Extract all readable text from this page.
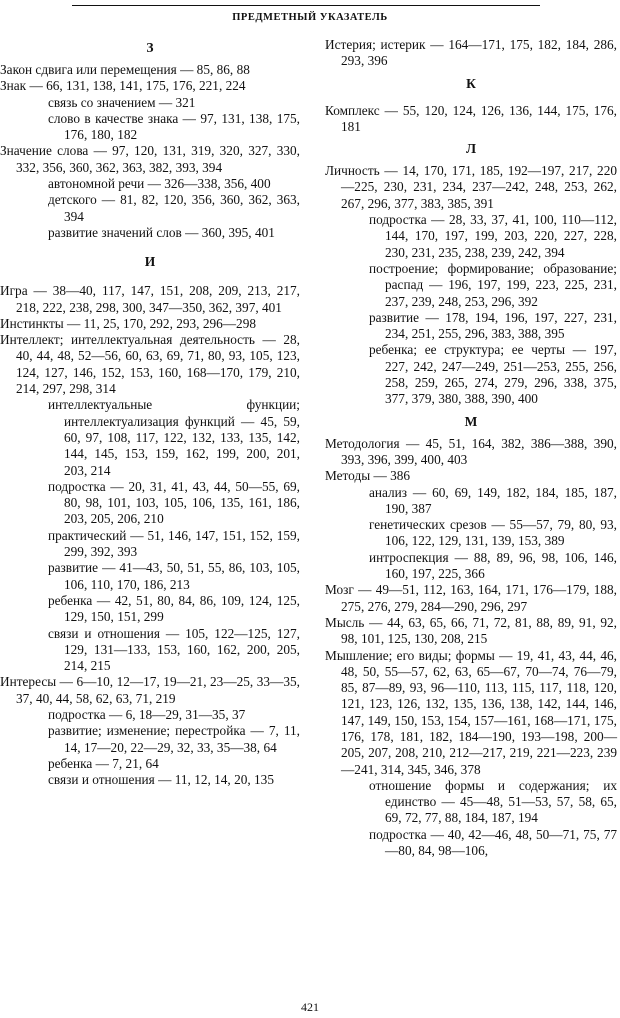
ПРЕДМЕТНЫЙ УКАЗАТЕЛЬ

З

Закон сдвига или перемещения — 85, 86, 88

Знак — 66, 131, 138, 141, 175, 176, 221, 224

связь со значением — 321

слово в качестве знака — 97, 131, 138, 175, 176, 180, 182

Значение слова — 97, 120, 131, 319, 320, 327, 330, 332, 356, 360, 362, 363, 382, 393, 394

автономной речи — 326—338, 356, 400

детского — 81, 82, 120, 356, 360, 362, 363, 394

развитие значений слов — 360, 395, 401

И

Игра — 38—40, 117, 147, 151, 208, 209, 213, 217, 218, 222, 238, 298, 300, 347—350, 362, 397, 401

Инстинкты — 11, 25, 170, 292, 293, 296—298

Интеллект; интеллектуальная деятельность — 28, 40, 44, 48, 52—56, 60, 63, 69, 71, 80, 93, 105, 123, 124, 127, 146, 152, 153, 160, 168—170, 179, 210, 214, 297, 298, 314

интеллектуальные функции; интеллектуализация функций — 45, 59, 60, 97, 108, 117, 122, 132, 133, 135, 142, 144, 145, 153, 159, 162, 199, 200, 201, 203, 214

подростка — 20, 31, 41, 43, 44, 50—55, 69, 80, 98, 101, 103, 105, 106, 135, 161, 186, 203, 205, 206, 210

практический — 51, 146, 147, 151, 152, 159, 299, 392, 393

развитие — 41—43, 50, 51, 55, 86, 103, 105, 106, 110, 170, 186, 213

ребенка — 42, 51, 80, 84, 86, 109, 124, 125, 129, 150, 151, 299

связи и отношения — 105, 122—125, 127, 129, 131—133, 153, 160, 162, 200, 205, 214, 215

Интересы — 6—10, 12—17, 19—21, 23—25, 33—35, 37, 40, 44, 58, 62, 63, 71, 219

подростка — 6, 18—29, 31—35, 37

развитие; изменение; перестройка — 7, 11, 14, 17—20, 22—29, 32, 33, 35—38, 64

ребенка — 7, 21, 64

связи и отношения — 11, 12, 14, 20, 135

Истерия; истерик — 164—171, 175, 182, 184, 286, 293, 396

К

Комплекс — 55, 120, 124, 126, 136, 144, 175, 176, 181

Л

Личность — 14, 170, 171, 185, 192—197, 217, 220—225, 230, 231, 234, 237—242, 248, 253, 262, 267, 296, 377, 383, 385, 391

подростка — 28, 33, 37, 41, 100, 110—112, 144, 170, 197, 199, 203, 220, 227, 228, 230, 231, 235, 238, 239, 242, 394

построение; формирование; образование; распад — 196, 197, 199, 223, 225, 231, 237, 239, 248, 253, 296, 392

развитие — 178, 194, 196, 197, 227, 231, 234, 251, 255, 296, 383, 388, 395

ребенка; ее структура; ее черты — 197, 227, 242, 247—249, 251—253, 255, 256, 258, 259, 265, 274, 279, 296, 338, 375, 377, 379, 380, 388, 390, 400

М

Методология — 45, 51, 164, 382, 386—388, 390, 393, 396, 399, 400, 403

Методы — 386

анализ — 60, 69, 149, 182, 184, 185, 187, 190, 387

генетических срезов — 55—57, 79, 80, 93, 106, 122, 129, 131, 139, 153, 389

интроспекция — 88, 89, 96, 98, 106, 146, 160, 197, 225, 366

Мозг — 49—51, 112, 163, 164, 171, 176—179, 188, 275, 276, 279, 284—290, 296, 297

Мысль — 44, 63, 65, 66, 71, 72, 81, 88, 89, 91, 92, 98, 101, 125, 130, 208, 215

Мышление; его виды; формы — 19, 41, 43, 44, 46, 48, 50, 55—57, 62, 63, 65—67, 70—74, 76—79, 85, 87—89, 93, 96—110, 113, 115, 117, 118, 120, 121, 123, 126, 132, 135, 136, 138, 142, 144, 146, 147, 149, 150, 153, 154, 157—161, 168—171, 175, 176, 178, 181, 182, 184—190, 193—198, 200—205, 207, 208, 210, 212—217, 219, 221—223, 239—241, 314, 345, 346, 378

отношение формы и содержания; их единство — 45—48, 51—53, 57, 58, 65, 69, 72, 77, 88, 184, 187, 194

подростка — 40, 42—46, 48, 50—71, 75, 77—80, 84, 98—106,

421
